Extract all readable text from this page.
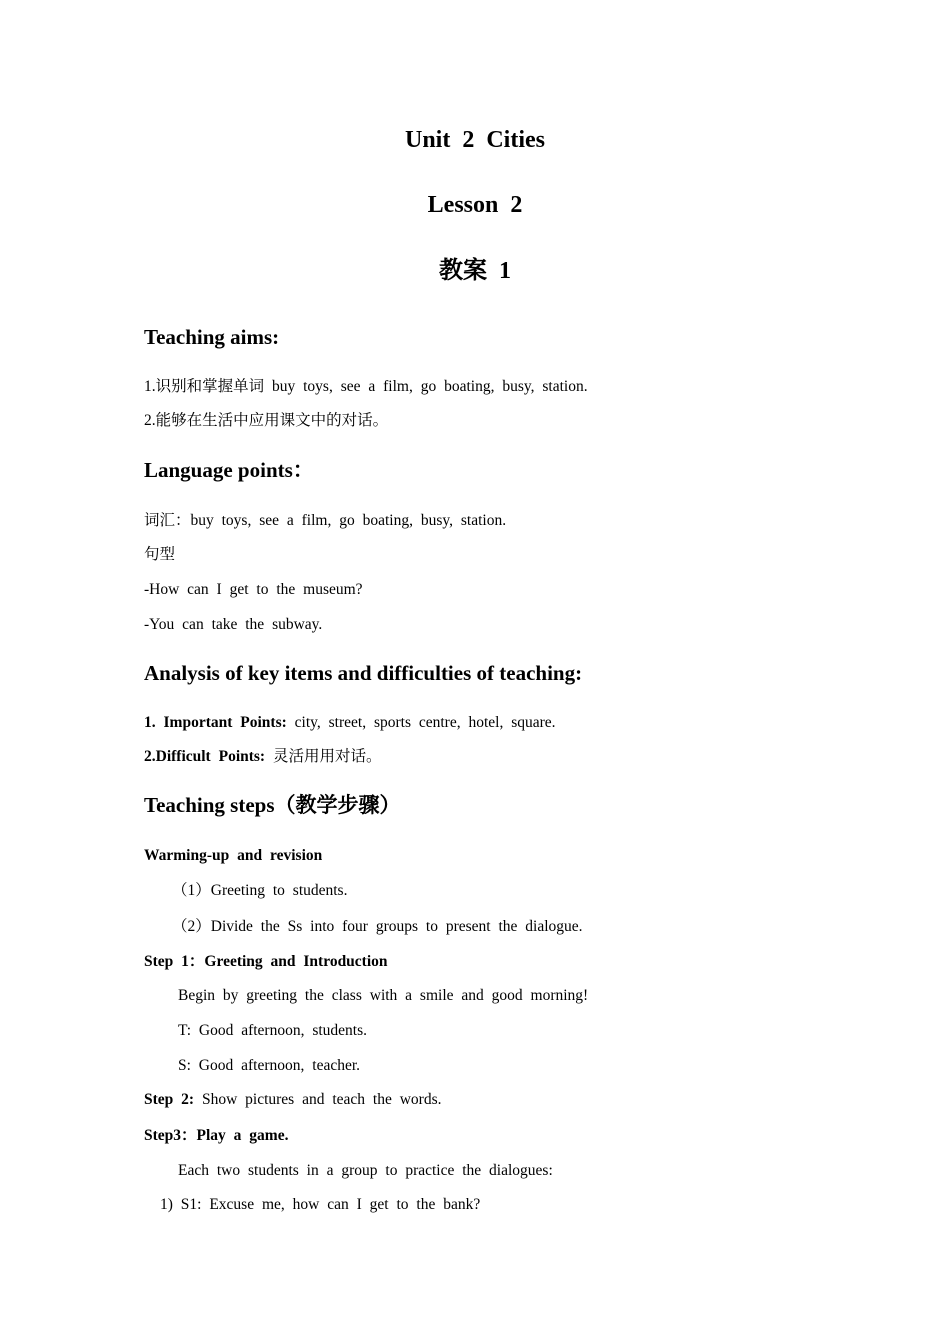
Unit 2 Cities
Lesson 2
教案 1
Teaching aims:
1.识别和掌握单词 buy toys, see a film, go boating, busy, station.
2.能够在生活中应用课文中的对话。
Language points：
词汇：buy toys, see a film, go boating, busy, station.
句型
-How can I get to the museum?
-You can take the subway.
Analysis of key items and difficulties of teaching:
1. Important Points: city, street, sports centre, hotel, square.
2.Difficult Points: 灵活用用对话。
Teaching steps（教学步骤）
Warming-up and revision
（1）Greeting to students.
（2）Divide the Ss into four groups to present the dialogue.
Step 1：Greeting and Introduction
Begin by greeting the class with a smile and good morning!
T: Good afternoon, students.
S: Good afternoon, teacher.
Step 2: Show pictures and teach the words.
Step3：Play a game.
Each two students in a group to practice the dialogues:
1) S1: Excuse me, how can I get to the bank?
